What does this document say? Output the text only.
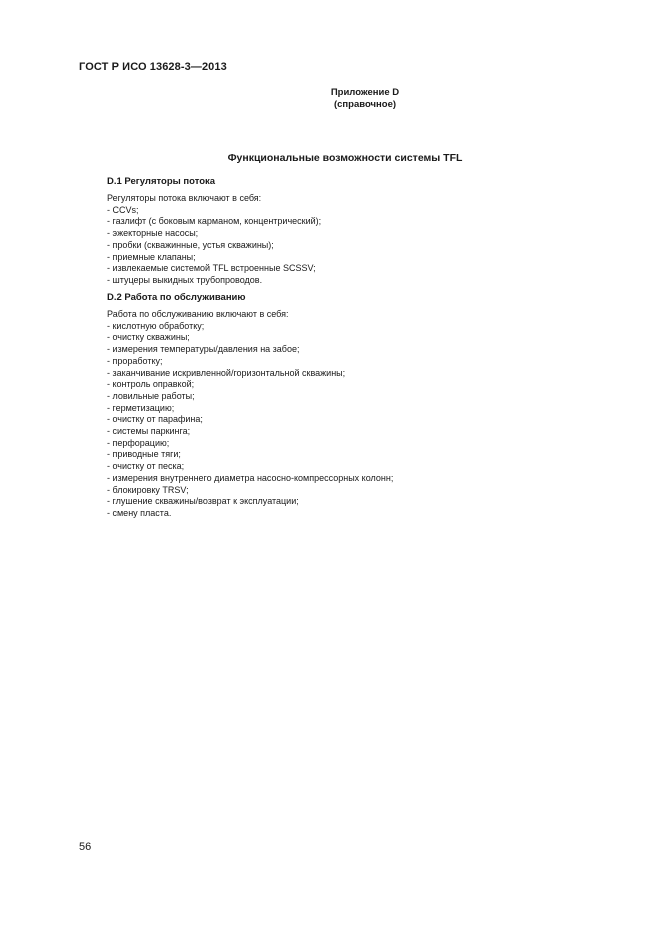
ГОСТ Р ИСО 13628-3—2013
Приложение D
(справочное)
Функциональные возможности системы TFL

D.1 Регуляторы потока

Регуляторы потока включают в себя:

- CCVs;
- газлифт (с боковым карманом, концентрический);
- эжекторные насосы;
- пробки (скважинные, устья скважины);
- приемные клапаны;
- извлекаемые системой TFL встроенные SCSSV;
- штуцеры выкидных трубопроводов.

D.2 Работа по обслуживанию

Работа по обслуживанию включают в себя:

- кислотную обработку;
- очистку скважины;
- измерения температуры/давления на забое;
- проработку;
- заканчивание искривленной/горизонтальной скважины;
- контроль оправкой;
- ловильные работы;
- герметизацию;
- очистку от парафина;
- системы паркинга;
- перфорацию;
- приводные тяги;
- очистку от песка;
- измерения внутреннего диаметра насосно-компрессорных колонн;
- блокировку TRSV;
- глушение скважины/возврат к эксплуатации;
- смену пласта.
56
